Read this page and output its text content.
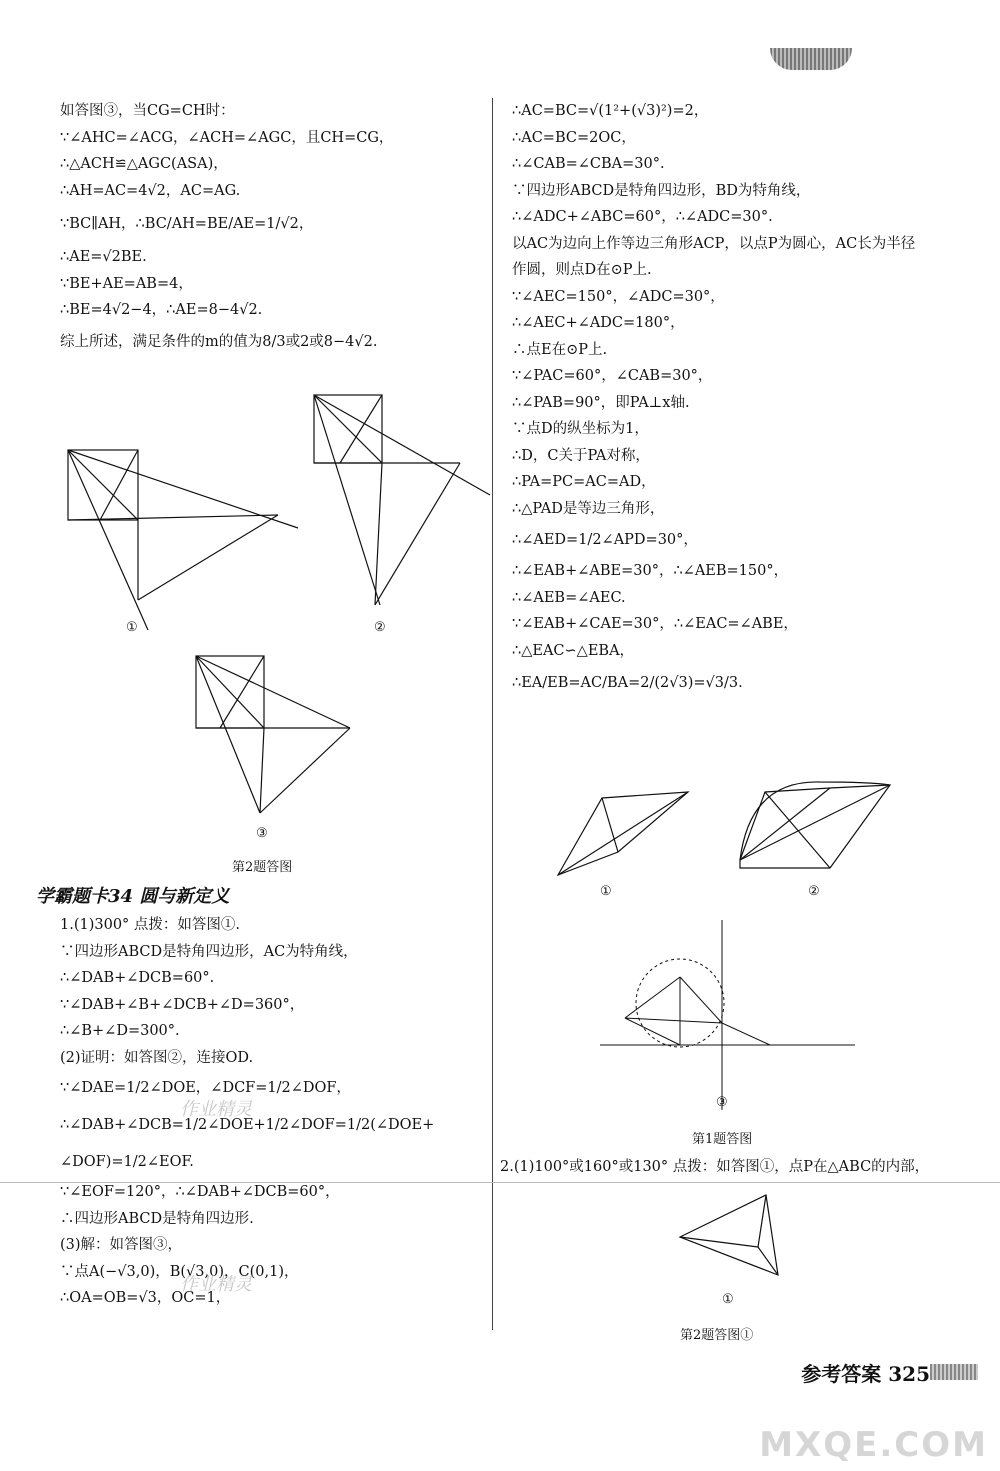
如答图③，当CG=CH时：
∵∠AHC=∠ACG，∠ACH=∠AGC，且CH=CG，
∴△ACH≌△AGC(ASA)，
∴AH=AC=4√2，AC=AG.
∵BC∥AH，∴BC/AH=BE/AE=1/√2，
∴AE=√2BE.
∵BE+AE=AB=4，
∴BE=4√2−4，∴AE=8−4√2.
综上所述，满足条件的m的值为8/3或2或8−4√2.
①	②
③
第2题答图
学霸题卡34 圆与新定义
1.(1)300° 点拨：如答图①.
∵四边形ABCD是特角四边形，AC为特角线，
∴∠DAB+∠DCB=60°.
∵∠DAB+∠B+∠DCB+∠D=360°，
∴∠B+∠D=300°.
(2)证明：如答图②，连接OD.
∵∠DAE=1/2∠DOE，∠DCF=1/2∠DOF，
∴∠DAB+∠DCB=1/2∠DOE+1/2∠DOF=1/2(∠DOE+
∠DOF)=1/2∠EOF.
∵∠EOF=120°，∴∠DAB+∠DCB=60°，
∴四边形ABCD是特角四边形.
(3)解：如答图③，
∵点A(−√3,0)，B(√3,0)，C(0,1)，
∴OA=OB=√3，OC=1，
作业精灵
作业精灵
∴AC=BC=√(1²+(√3)²)=2，
∴AC=BC=2OC，
∴∠CAB=∠CBA=30°.
∵四边形ABCD是特角四边形，BD为特角线，
∴∠ADC+∠ABC=60°，∴∠ADC=30°.
以AC为边向上作等边三角形ACP，以点P为圆心，AC长为半径
作圆，则点D在⊙P上.
∵∠AEC=150°，∠ADC=30°，
∴∠AEC+∠ADC=180°，
∴点E在⊙P上.
∵∠PAC=60°，∠CAB=30°，
∴∠PAB=90°，即PA⊥x轴.
∵点D的纵坐标为1，
∴D，C关于PA对称，
∴PA=PC=AC=AD，
∴△PAD是等边三角形，
∴∠AED=1/2∠APD=30°，
∴∠EAB+∠ABE=30°，∴∠AEB=150°，
∴∠AEB=∠AEC.
∵∠EAB+∠CAE=30°，∴∠EAC=∠ABE，
∴△EAC∽△EBA，
∴EA/EB=AC/BA=2/(2√3)=√3/3.
①	②
③
第1题答图
2.(1)100°或160°或130° 点拨：如答图①，点P在△ABC的内部，
①
第2题答图①
参考答案 325
MXQE.COM
